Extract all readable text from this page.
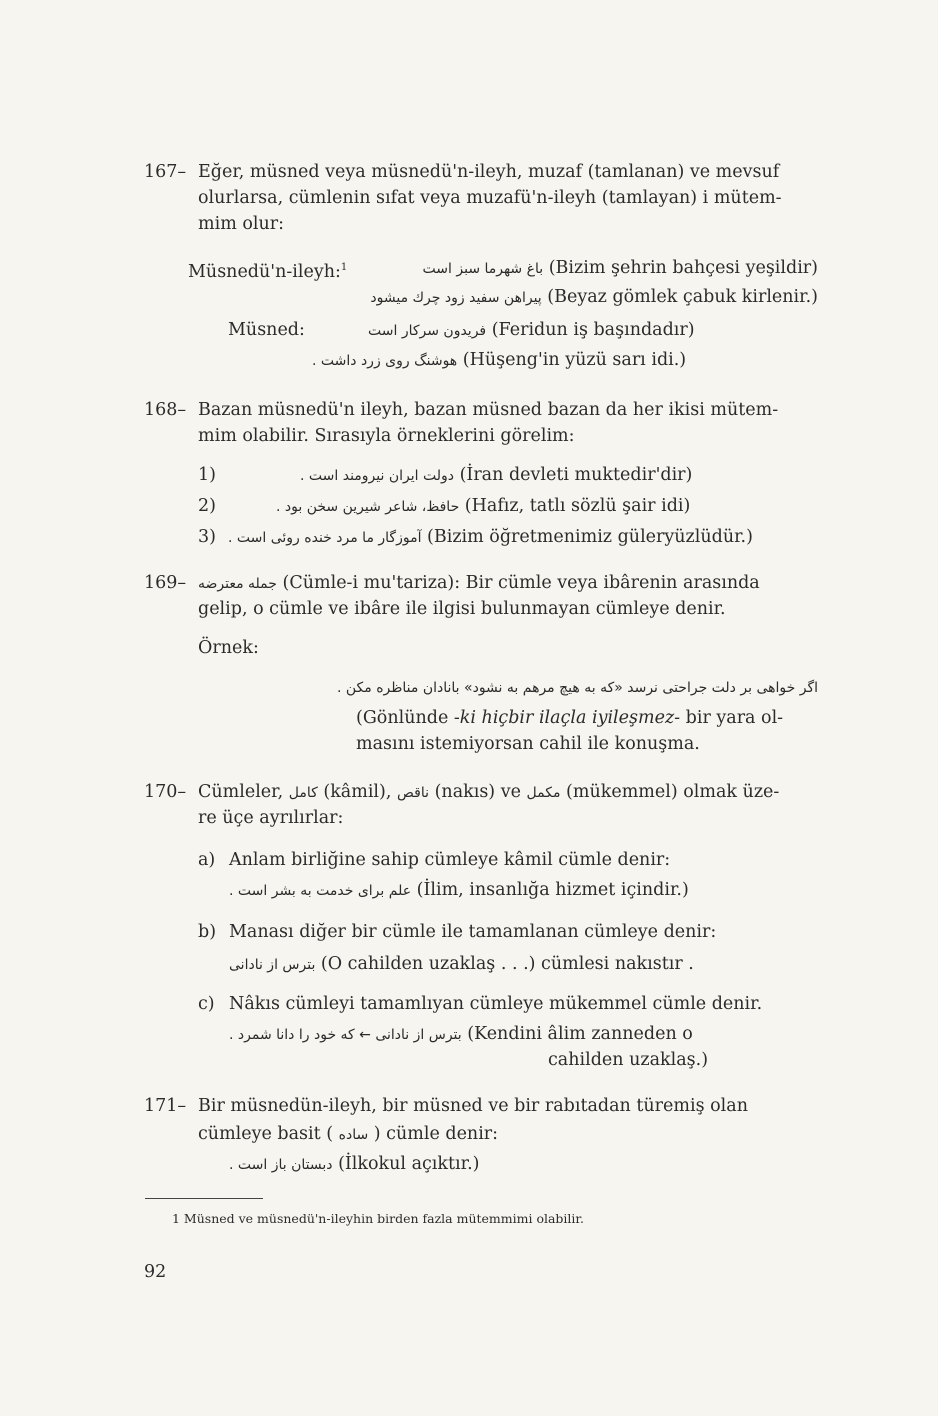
167– Eğer, müsned veya müsnedü'n-ileyh, muzaf (tamlanan) ve mevsuf
olurlarsa, cümlenin sıfat veya muzafü'n-ileyh (tamlayan) i mütem-
mim olur:
Müsnedü'n-ileyh:$^1$	باغ شهرما سبز است (Bizim şehrin bahçesi yeşildir)
پيراهن سفيد زود چرك ميشود (Beyaz gömlek çabuk kirlenir.)
Müsned:	فريدون سركار است (Feridun iş başındadır)
هوشنگ روی زرد داشت . (Hüşeng'in yüzü sarı idi.)
168– Bazan müsnedü'n ileyh, bazan müsned bazan da her ikisi mütem-
mim olabilir. Sırasıyla örneklerini görelim:
1)	دولت ايران نيرومند است . (İran devleti muktedir'dir)
2)	حافظ، شاعر شيرين سخن بود . (Hafız, tatlı sözlü şair idi)
3) آموزگار ما مرد خنده روئی است . (Bizim öğretmenimiz güleryüzlüdür.)
169– جمله معترضه (Cümle-i mu'tariza): Bir cümle veya ibârenin arasında
gelip, o cümle ve ibâre ile ilgisi bulunmayan cümleye denir.
Örnek:
اگر خواهی بر دلت جراحتی نرسد «كه به هيچ مرهم به نشود» بانادان مناظره مكن .
(Gönlünde -ki hiçbir ilaçla iyileşmez- bir yara ol-
masını istemiyorsan cahil ile konuşma.
170– Cümleler, كامل (kâmil), ناقص (nakıs) ve مكمل (mükemmel) olmak üze-
re üçe ayrılırlar:
a) Anlam birliğine sahip cümleye kâmil cümle denir:
علم برای خدمت به بشر است . (İlim, insanlığa hizmet içindir.)
b) Manası diğer bir cümle ile tamamlanan cümleye denir:
بترس از نادانی (O cahilden uzaklaş . . .) cümlesi nakıstır .
c) Nâkıs cümleyi tamamlıyan cümleye mükemmel cümle denir.
بترس از نادانی ← كه خود را دانا شمرد . (Kendini âlim zanneden o
cahilden uzaklaş.)
171– Bir müsnedün-ileyh, bir müsned ve bir rabıtadan türemiş olan
cümleye basit ( ساده ) cümle denir:
دبستان باز است . (İlkokul açıktır.)
1 Müsned ve müsnedü'n-ileyhin birden fazla mütemmimi olabilir.
92
